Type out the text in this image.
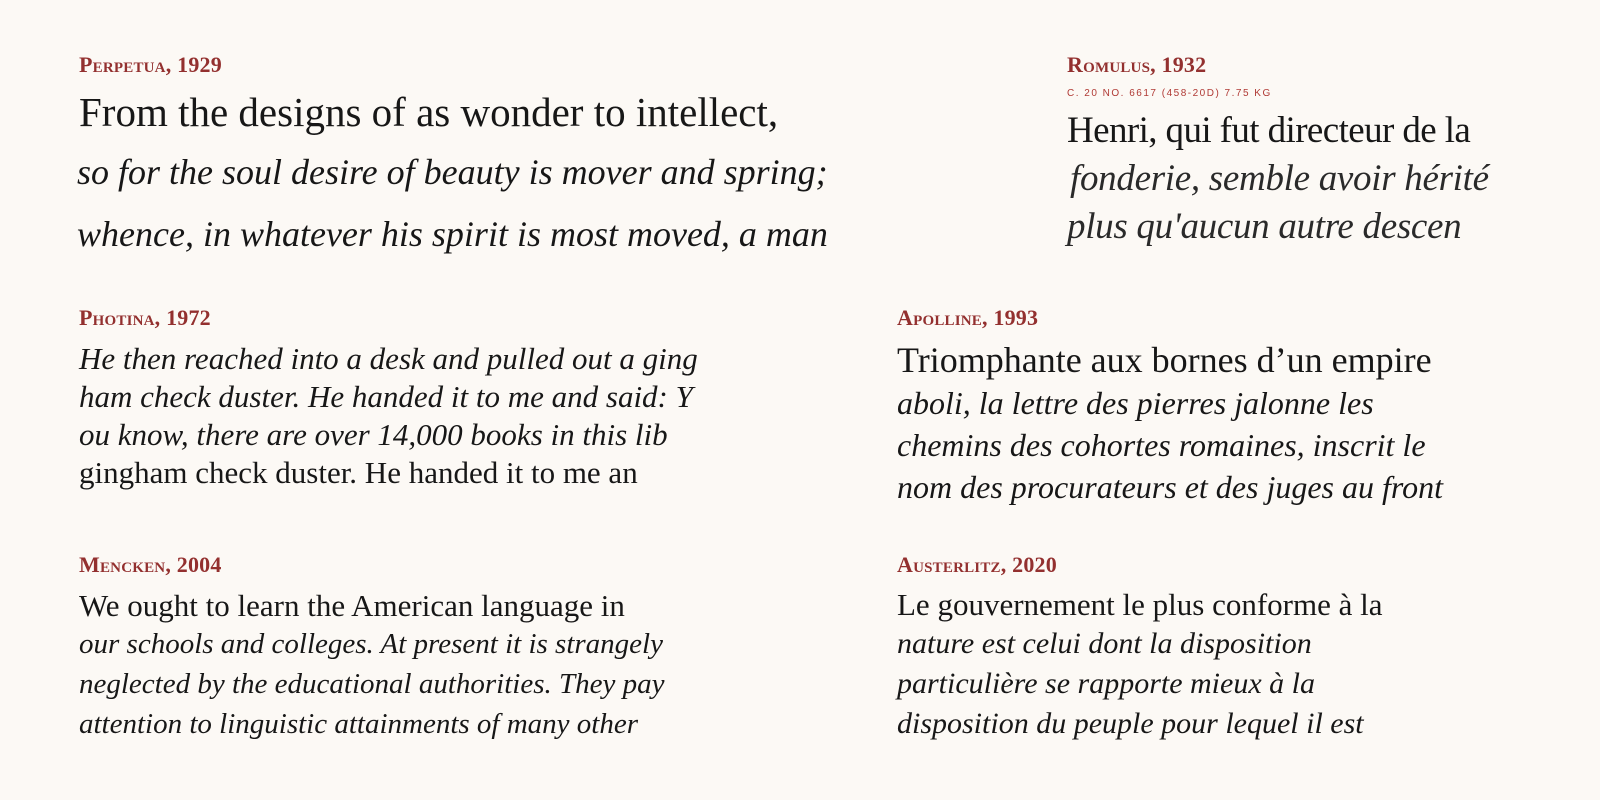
Perpetua, 1929
From the designs of as wonder to intellect,
so for the soul desire of beauty is mover and spring;
whence, in whatever his spirit is most moved, a man
Romulus, 1932
C. 20 NO. 6617 (458-20D) 7.75 KG
Henri, qui fut directeur de la
fonderie, semble avoir hérité
plus qu'aucun autre descen
Photina, 1972
He then reached into a desk and pulled out a ging
ham check duster. He handed it to me and said: Y
ou know, there are over 14,000 books in this lib
gingham check duster. He handed it to me an
Apolline, 1993
Triomphante aux bornes d’un empire
aboli, la lettre des pierres jalonne les
chemins des cohortes romaines, inscrit le
nom des procurateurs et des juges au front
Mencken, 2004
We ought to learn the American language in
our schools and colleges. At present it is strangely
neglected by the educational authorities. They pay
attention to linguistic attainments of many other
Austerlitz, 2020
Le gouvernement le plus conforme à la
nature est celui dont la disposition
particulière se rapporte mieux à la
disposition du peuple pour lequel il est
